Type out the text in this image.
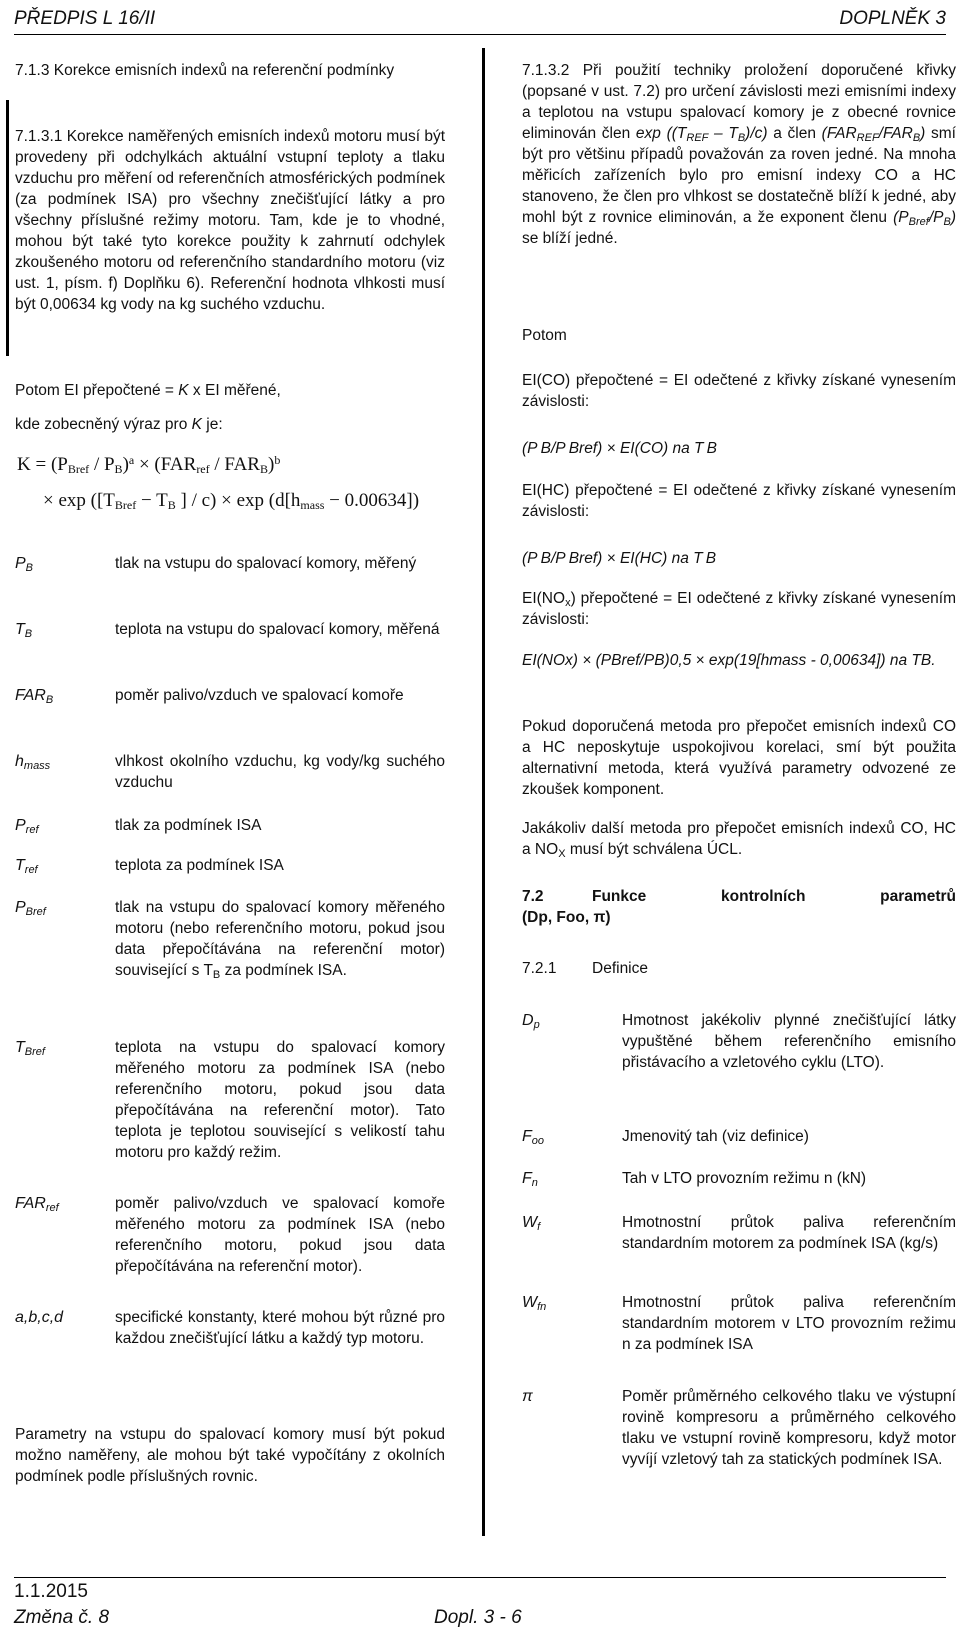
PŘEDPIS L 16/II	DOPLNĚK 3
7.1.3 Korekce emisních indexů na referenční podmínky
7.1.3.1 Korekce naměřených emisních indexů motoru musí být provedeny při odchylkách aktuální vstupní teploty a tlaku vzduchu pro měření od referenčních atmosférických podmínek (za podmínek ISA) pro všechny znečišťující látky a pro všechny příslušné režimy motoru. Tam, kde je to vhodné, mohou být také tyto korekce použity k zahrnutí odchylek zkoušeného motoru od referenčního standardního motoru (viz ust. 1, písm. f) Doplňku 6). Referenční hodnota vlhkosti musí být 0,00634 kg vody na kg suchého vzduchu.
Potom EI přepočtené = K x EI měřené,
kde zobecněný výraz pro K je:
$K = (P_{Bref} / P_B)^a \times (FAR_{ref} / FAR_B)^b$
× $\exp ([T_{Bref} - T_B$ ] / $c) \times \exp (d[h_{mass} - 0.00634])$
$P_B$	tlak na vstupu do spalovací komory, měřený
$T_B$	teplota na vstupu do spalovací komory, měřená
$FAR_B$	poměr palivo/vzduch ve spalovací komoře
$h_{mass}$	vlhkost okolního vzduchu, kg vody/kg suchého vzduchu
$P_{ref}$	tlak za podmínek ISA
$T_{ref}$	teplota za podmínek ISA
$P_{Bref}$	tlak na vstupu do spalovací komory měřeného motoru (nebo referenčního motoru, pokud jsou data přepočítávána na referenční motor) související s $T_B$ za podmínek ISA.
$T_{Bref}$	teplota na vstupu do spalovací komory měřeného motoru za podmínek ISA (nebo referenčního motoru, pokud jsou data přepočítávána na referenční motor). Tato teplota je teplotou související s velikostí tahu motoru pro každý režim.
$FAR_{ref}$	poměr palivo/vzduch ve spalovací komoře měřeného motoru za podmínek ISA (nebo referenčního motoru, pokud jsou data přepočítávána na referenční motor).
a,b,c,d	specifické konstanty, které mohou být různé pro každou znečišťující látku a každý typ motoru.
Parametry na vstupu do spalovací komory musí být pokud možno naměřeny, ale mohou být také vypočítány z okolních podmínek podle příslušných rovnic.
7.1.3.2 Při použití techniky proložení doporučené křivky (popsané v ust. 7.2) pro určení závislosti mezi emisními indexy a teplotou na vstupu spalovací komory je z obecné rovnice eliminován člen $\exp ((T_{REF} - T_B)/c)$ a člen $(FAR_{REF}/FAR_B)$ smí být pro většinu případů považován za roven jedné. Na mnoha měřicích zařízeních bylo pro emisní indexy CO a HC stanoveno, že člen pro vlhkost se dostatečně blíží k jedné, aby mohl být z rovnice eliminován, a že exponent členu $(P_{Bref}/P_B)$ se blíží jedné.
Potom
EI(CO) přepočtené = EI odečtené z křivky získané vynesením závislosti:
(P B/P Bref) × EI(CO) na T B
EI(HC) přepočtené = EI odečtené z křivky získané vynesením závislosti:
(P B/P Bref) × EI(HC) na T B
$EI(NO_x)$ přepočtené = EI odečtené z křivky získané vynesením závislosti:
EI(NOx) × (PBref/PB)0,5 × exp(19[hmass - 0,00634]) na TB.
Pokud doporučená metoda pro přepočet emisních indexů CO a HC neposkytuje uspokojivou korelaci, smí být použita alternativní metoda, která využívá parametry odvozené ze zkoušek komponent.
Jakákoliv další metoda pro přepočet emisních indexů CO, HC a $NO_X$ musí být schválena ÚCL.
7.2	Funkce kontrolních parametrů
(Dp, Foo, π)
7.2.1 Definice
$D_p$	Hmotnost jakékoliv plynné znečišťující látky vypuštěné během referenčního emisního přistávacího a vzletového cyklu (LTO).
$F_{oo}$	Jmenovitý tah (viz definice)
$F_n$	Tah v LTO provozním režimu n (kN)
$W_f$	Hmotnostní průtok paliva referenčním standardním motorem za podmínek ISA (kg/s)
$W_{fn}$	Hmotnostní průtok paliva referenčním standardním motorem v LTO provozním režimu n za podmínek ISA
π	Poměr průměrného celkového tlaku ve výstupní rovině kompresoru a průměrného celkového tlaku ve vstupní rovině kompresoru, když motor vyvíjí vzletový tah za statických podmínek ISA.
1.1.2015
Změna č. 8	Dopl. 3 - 6
